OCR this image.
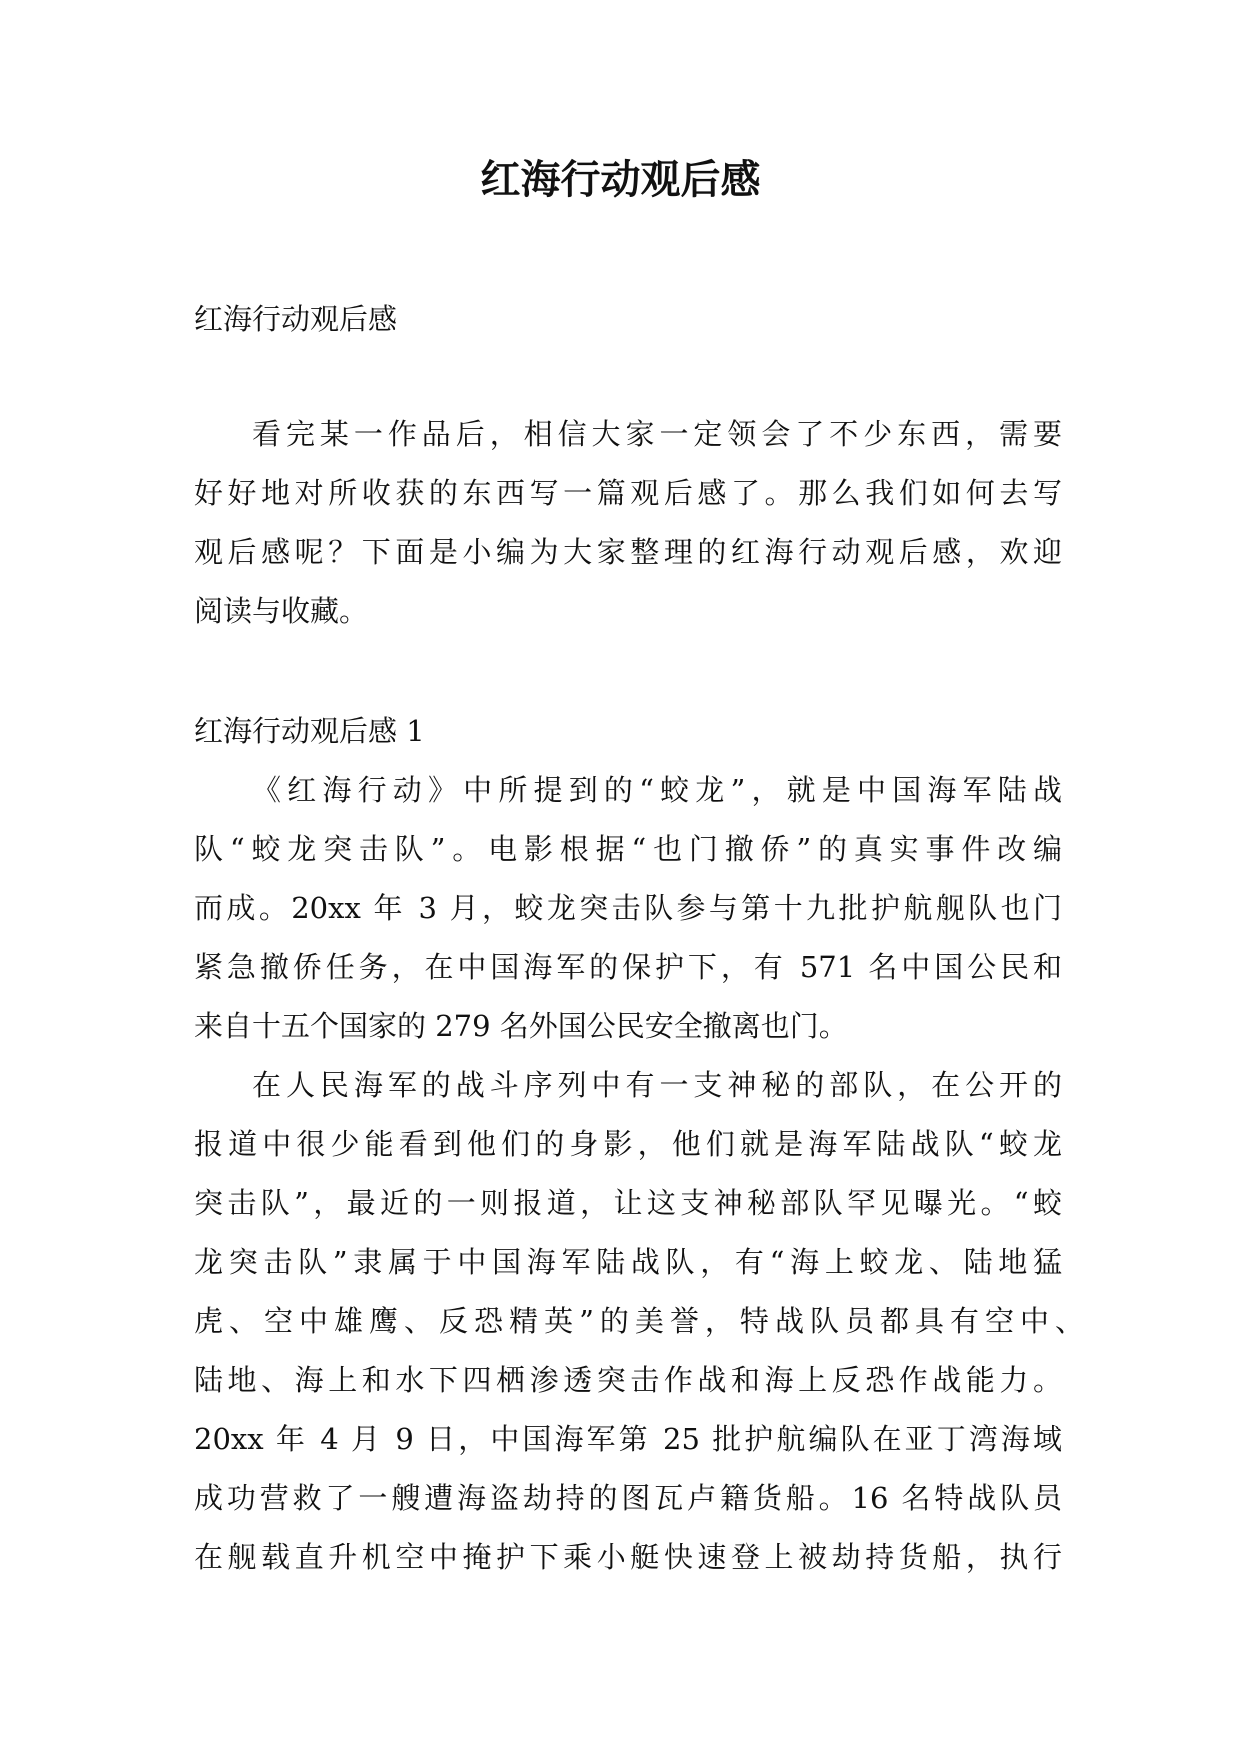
红海行动观后感
红海行动观后感
看完某一作品后，相信大家一定领会了不少东西，需要
好好地对所收获的东西写一篇观后感了。那么我们如何去写
观后感呢？下面是小编为大家整理的红海行动观后感，欢迎
阅读与收藏。
红海行动观后感 1
《红海行动》中所提到的“蛟龙”，就是中国海军陆战
队“蛟龙突击队”。电影根据“也门撤侨”的真实事件改编
而成。20xx 年 3 月，蛟龙突击队参与第十九批护航舰队也门
紧急撤侨任务，在中国海军的保护下，有 571 名中国公民和
来自十五个国家的 279 名外国公民安全撤离也门。
在人民海军的战斗序列中有一支神秘的部队，在公开的
报道中很少能看到他们的身影，他们就是海军陆战队“蛟龙
突击队”，最近的一则报道，让这支神秘部队罕见曝光。“蛟
龙突击队”隶属于中国海军陆战队，有“海上蛟龙、陆地猛
虎、空中雄鹰、反恐精英”的美誉，特战队员都具有空中、
陆地、海上和水下四栖渗透突击作战和海上反恐作战能力。
20xx 年 4 月 9 日，中国海军第 25 批护航编队在亚丁湾海域
成功营救了一艘遭海盗劫持的图瓦卢籍货船。16 名特战队员
在舰载直升机空中掩护下乘小艇快速登上被劫持货船，执行
